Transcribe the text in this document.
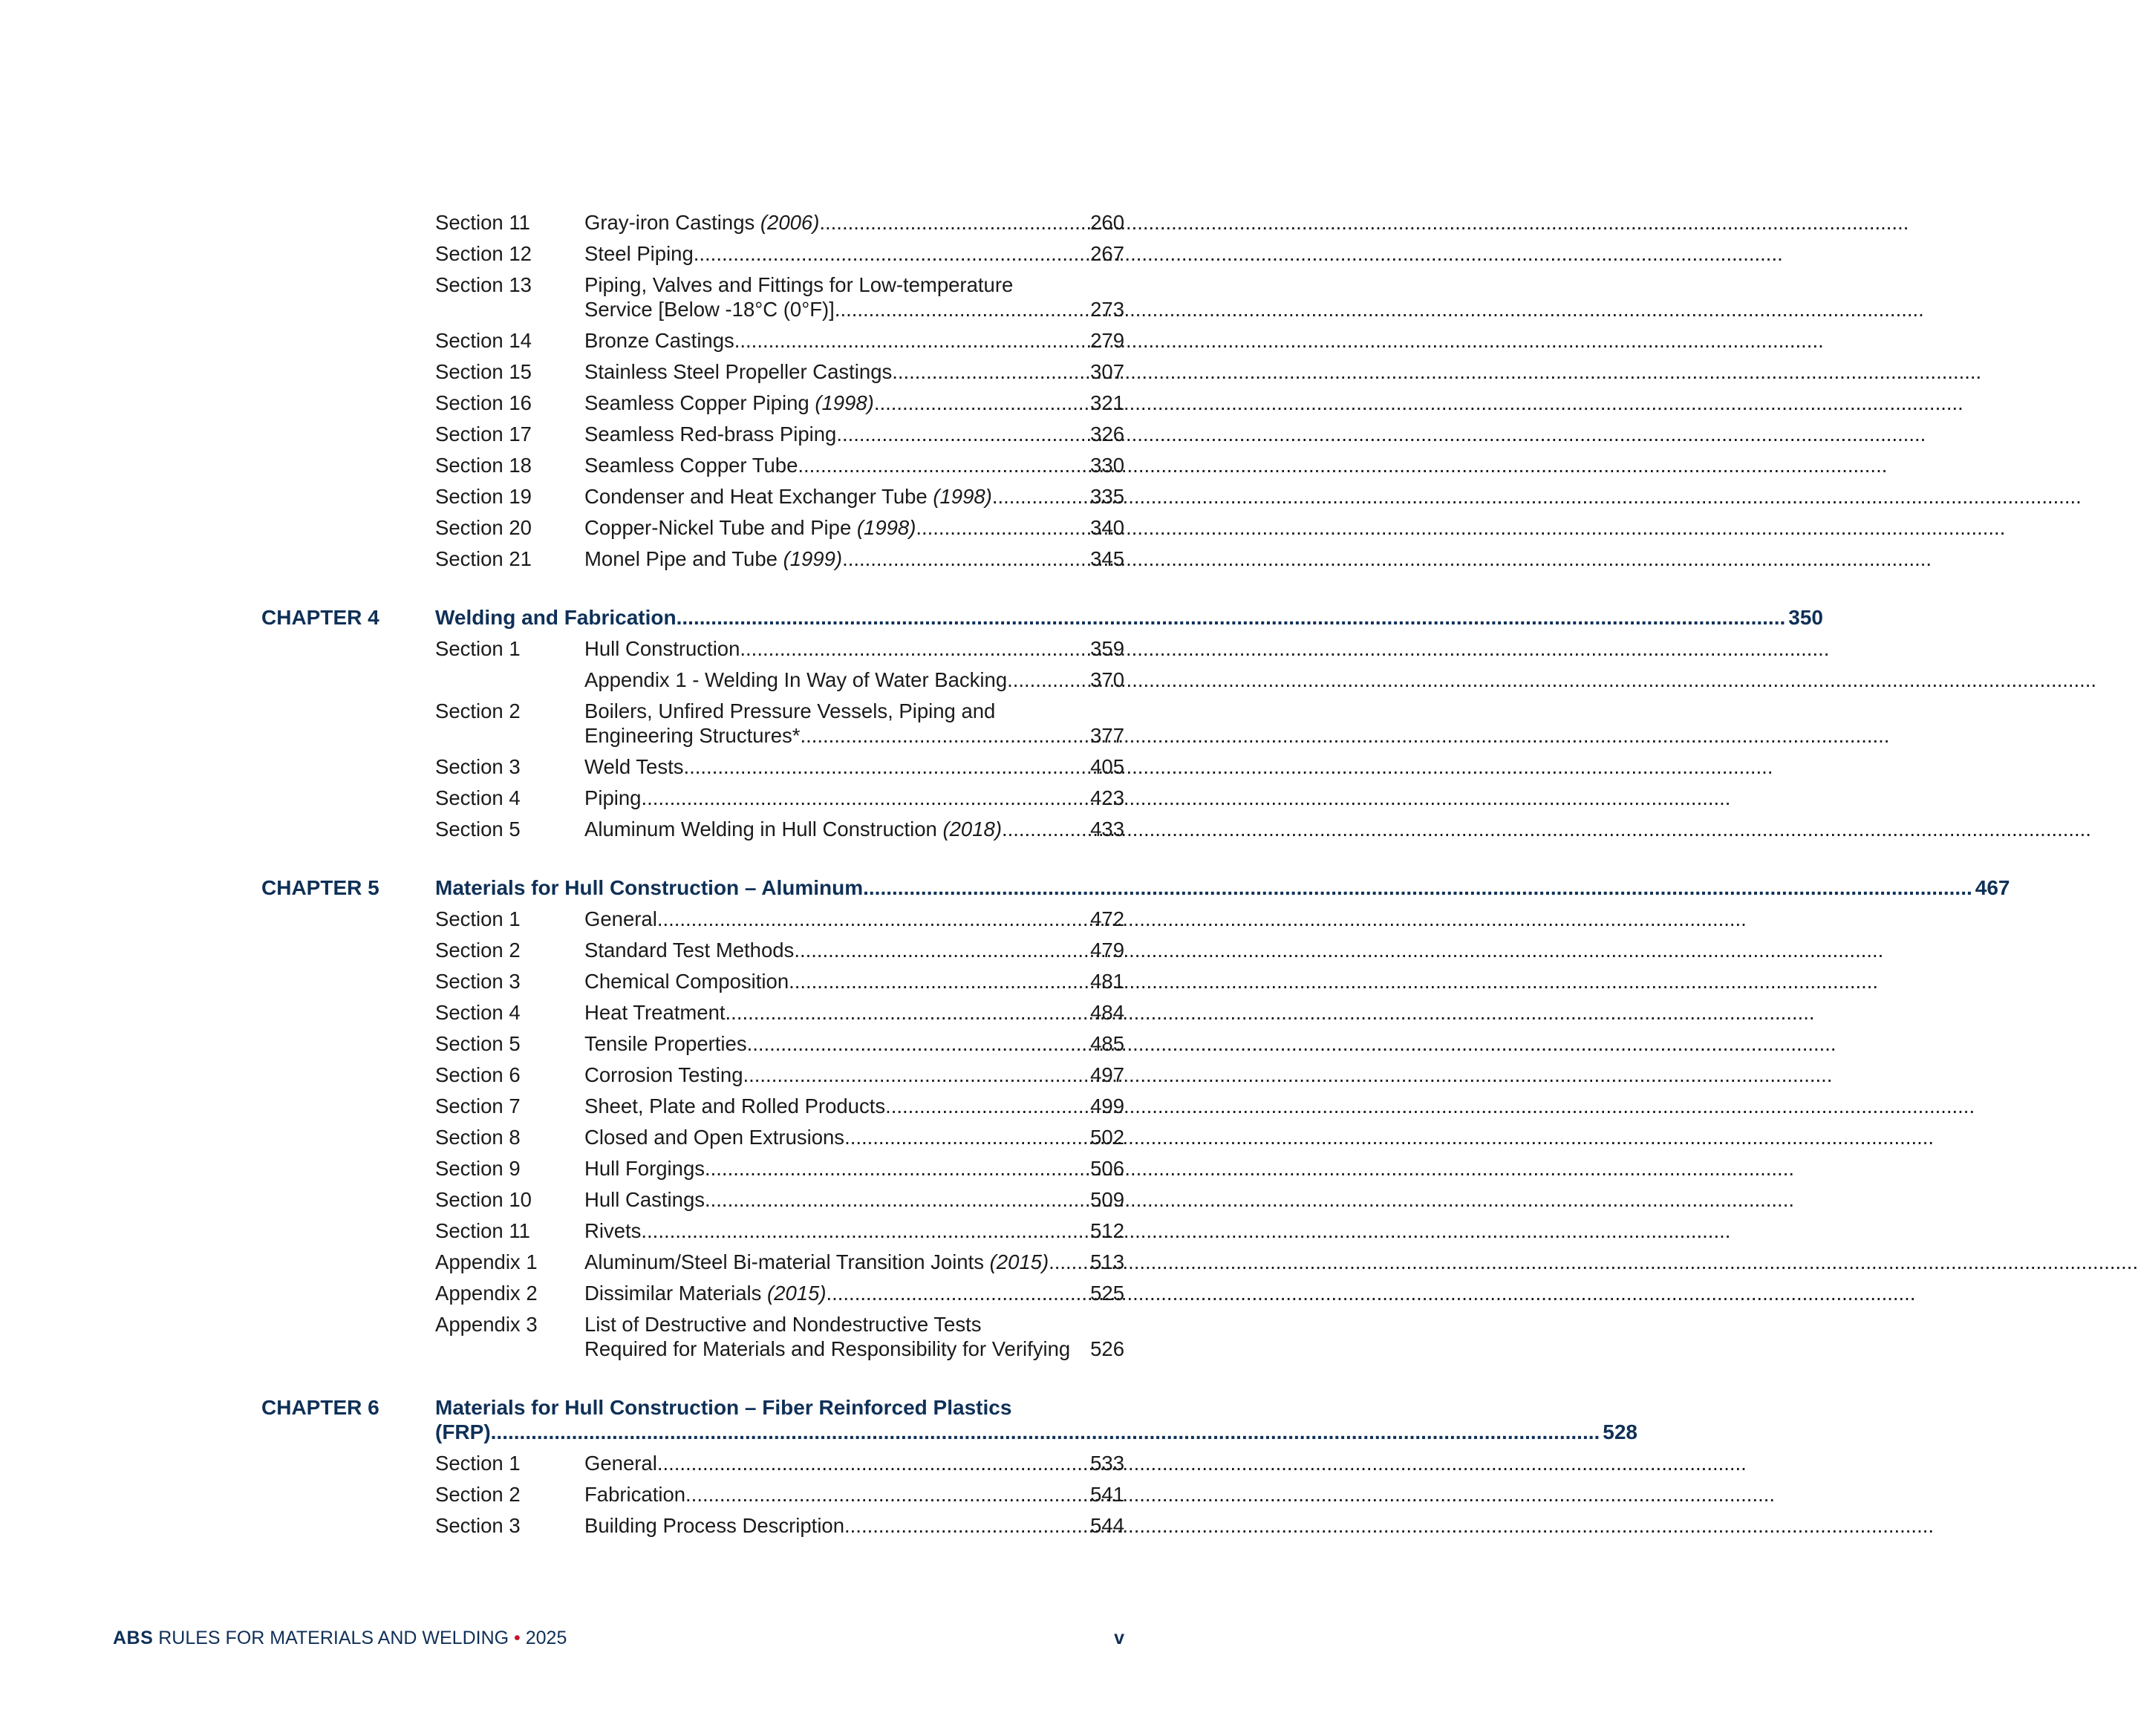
Section 11	Gray-iron Castings (2006) .....	260
Section 12	Steel Piping .....	267
Section 13	Piping, Valves and Fittings for Low-temperature
Service [Below -18°C (0°F)] .....	273
Section 14	Bronze Castings .....	279
Section 15	Stainless Steel Propeller Castings .....	307
Section 16	Seamless Copper Piping (1998) .....	321
Section 17	Seamless Red-brass Piping .....	326
Section 18	Seamless Copper Tube .....	330
Section 19	Condenser and Heat Exchanger Tube (1998) .....	335
Section 20	Copper-Nickel Tube and Pipe (1998) .....	340
Section 21	Monel Pipe and Tube (1999) .....	345
CHAPTER 4	Welding and Fabrication .....	350
Section 1	Hull Construction .....	359
Appendix 1 - Welding In Way of Water Backing .....	370
Section 2	Boilers, Unfired Pressure Vessels, Piping and
Engineering Structures* .....	377
Section 3	Weld Tests .....	405
Section 4	Piping .....	423
Section 5	Aluminum Welding in Hull Construction (2018) .....	433
CHAPTER 5	Materials for Hull Construction – Aluminum .....	467
Section 1	General .....	472
Section 2	Standard Test Methods .....	479
Section 3	Chemical Composition .....	481
Section 4	Heat Treatment .....	484
Section 5	Tensile Properties .....	485
Section 6	Corrosion Testing .....	497
Section 7	Sheet, Plate and Rolled Products .....	499
Section 8	Closed and Open Extrusions .....	502
Section 9	Hull Forgings .....	506
Section 10	Hull Castings .....	509
Section 11	Rivets .....	512
Appendix 1	Aluminum/Steel Bi-material Transition Joints (2015) ..... 513
Appendix 2	Dissimilar Materials (2015) .....	525
Appendix 3	List of Destructive and Nondestructive Tests
Required for Materials and Responsibility for Verifying 526
CHAPTER 6	Materials for Hull Construction – Fiber Reinforced Plastics
(FRP) .....	528
Section 1	General .....	533
Section 2	Fabrication .....	541
Section 3	Building Process Description .....	544
ABS RULES FOR MATERIALS AND WELDING • 2025	v
